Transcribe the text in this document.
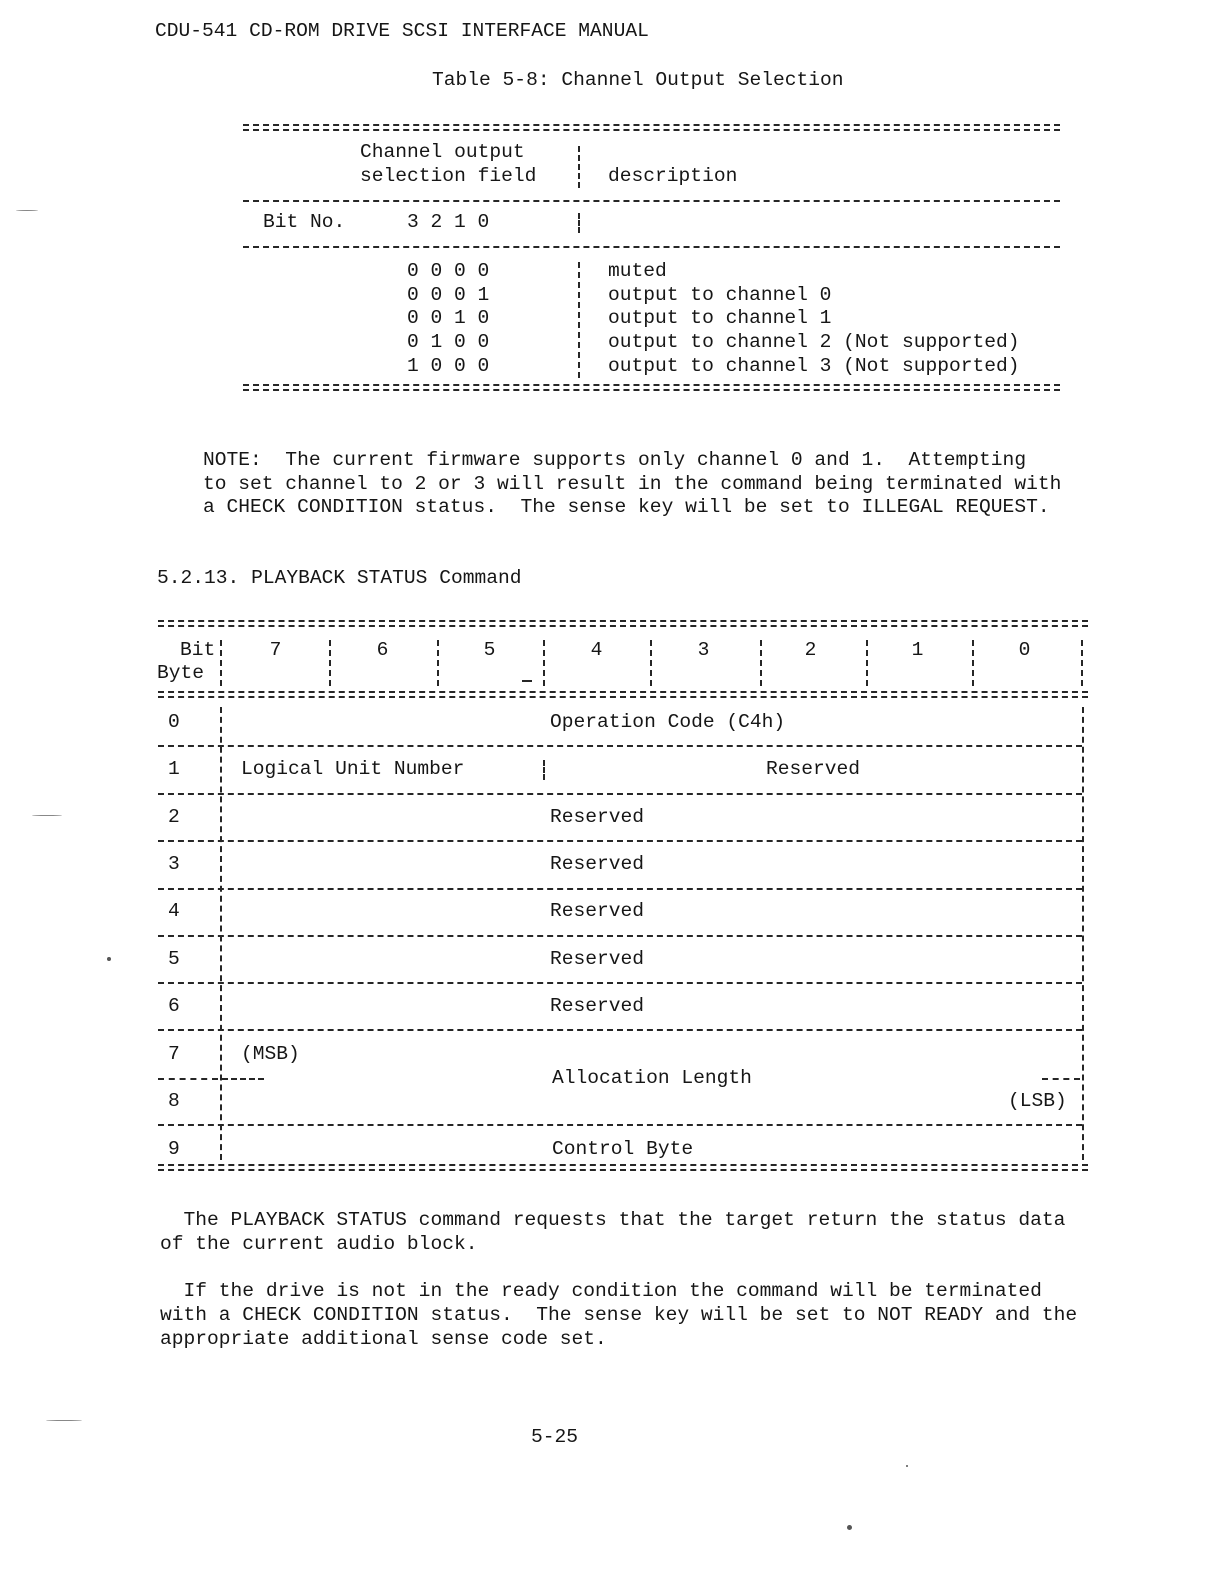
CDU-541 CD-ROM DRIVE SCSI INTERFACE MANUAL
Table 5-8: Channel Output Selection
Channel output
selection field	description
Bit No.	3 2 1 0
0 0 0 0	muted
0 0 0 1	output to channel 0
0 0 1 0	output to channel 1
0 1 0 0	output to channel 2 (Not supported)
1 0 0 0	output to channel 3 (Not supported)
NOTE:  The current firmware supports only channel 0 and 1.  Attempting
to set channel to 2 or 3 will result in the command being terminated with
a CHECK CONDITION status.  The sense key will be set to ILLEGAL REQUEST.
5.2.13. PLAYBACK STATUS Command
Bit
Byte
7	6	5	4	3	2	1	0
0	Operation Code (C4h)
1	Logical Unit Number	Reserved
2	Reserved
3	Reserved
4	Reserved
5	Reserved
6	Reserved
7	(MSB)
Allocation Length
8	(LSB)
9	Control Byte
The PLAYBACK STATUS command requests that the target return the status data
of the current audio block.
If the drive is not in the ready condition the command will be terminated
with a CHECK CONDITION status.  The sense key will be set to NOT READY and the
appropriate additional sense code set.
5-25
